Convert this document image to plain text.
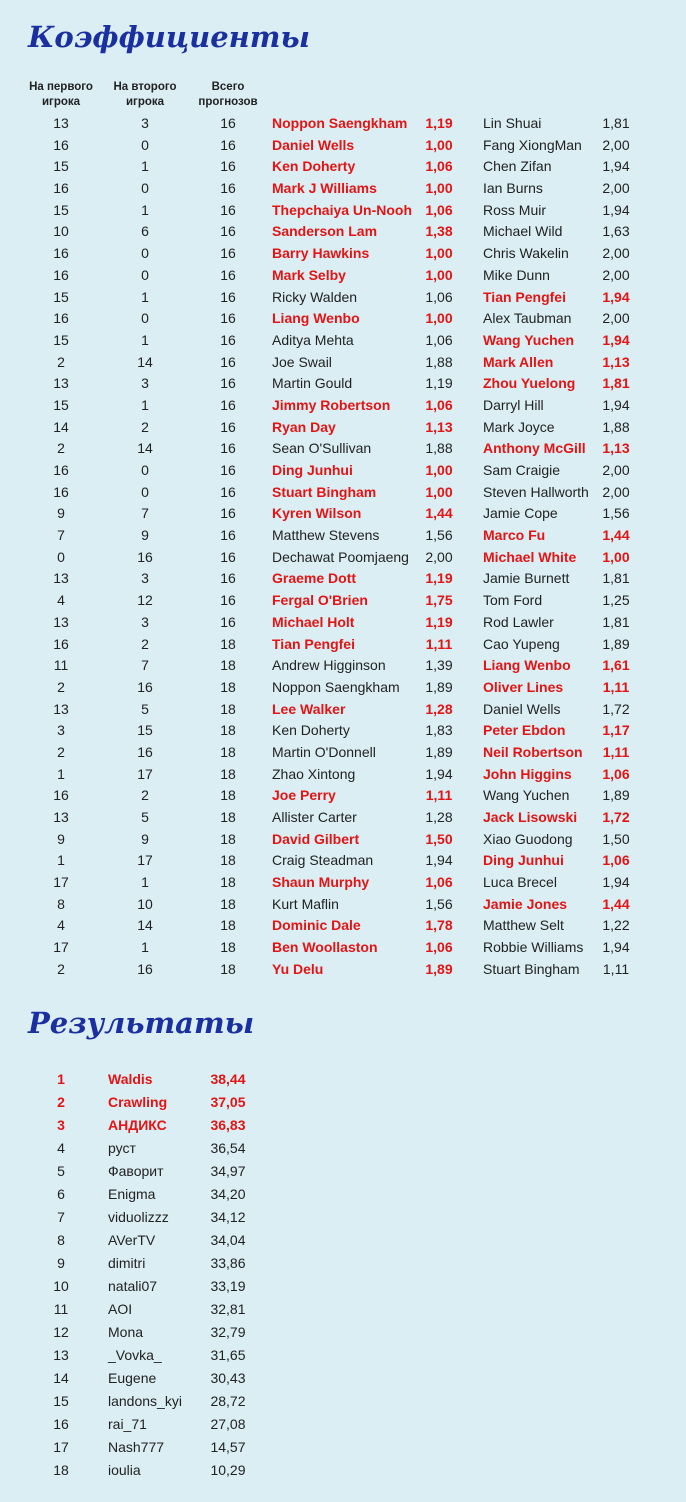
Коэффициенты
На первого игрока
На второго игрока
Всего прогнозов
13	3	16	Noppon Saengkham	1,19	Lin Shuai	1,81
16	0	16	Daniel Wells	1,00	Fang XiongMan	2,00
15	1	16	Ken Doherty	1,06	Chen Zifan	1,94
16	0	16	Mark J Williams	1,00	Ian Burns	2,00
15	1	16	Thepchaiya Un-Nooh 1,06	Ross Muir	1,94
10	6	16	Sanderson Lam	1,38	Michael Wild	1,63
16	0	16	Barry Hawkins	1,00	Chris Wakelin	2,00
16	0	16	Mark Selby	1,00	Mike Dunn	2,00
15	1	16	Ricky Walden	1,06	Tian Pengfei	1,94
16	0	16	Liang Wenbo	1,00	Alex Taubman	2,00
15	1	16	Aditya Mehta	1,06	Wang Yuchen	1,94
2	14	16	Joe Swail	1,88	Mark Allen	1,13
13	3	16	Martin Gould	1,19	Zhou Yuelong	1,81
15	1	16	Jimmy Robertson	1,06	Darryl Hill	1,94
14	2	16	Ryan Day	1,13	Mark Joyce	1,88
2	14	16	Sean O'Sullivan	1,88	Anthony McGill	1,13
16	0	16	Ding Junhui	1,00	Sam Craigie	2,00
16	0	16	Stuart Bingham	1,00	Steven Hallworth 2,00
9	7	16	Kyren Wilson	1,44	Jamie Cope	1,56
7	9	16	Matthew Stevens	1,56	Marco Fu	1,44
0	16	16	Dechawat Poomjaeng	2,00	Michael White	1,00
13	3	16	Graeme Dott	1,19	Jamie Burnett	1,81
4	12	16	Fergal O'Brien	1,75	Tom Ford	1,25
13	3	16	Michael Holt	1,19	Rod Lawler	1,81
16	2	18	Tian Pengfei	1,11	Cao Yupeng	1,89
11	7	18	Andrew Higginson	1,39	Liang Wenbo	1,61
2	16	18	Noppon Saengkham	1,89	Oliver Lines	1,11
13	5	18	Lee Walker	1,28	Daniel Wells	1,72
3	15	18	Ken Doherty	1,83	Peter Ebdon	1,17
2	16	18	Martin O'Donnell	1,89	Neil Robertson	1,11
1	17	18	Zhao Xintong	1,94	John Higgins	1,06
16	2	18	Joe Perry	1,11	Wang Yuchen	1,89
13	5	18	Allister Carter	1,28	Jack Lisowski	1,72
9	9	18	David Gilbert	1,50	Xiao Guodong	1,50
1	17	18	Craig Steadman	1,94	Ding Junhui	1,06
17	1	18	Shaun Murphy	1,06	Luca Brecel	1,94
8	10	18	Kurt Maflin	1,56	Jamie Jones	1,44
4	14	18	Dominic Dale	1,78	Matthew Selt	1,22
17	1	18	Ben Woollaston	1,06	Robbie Williams	1,94
2	16	18	Yu Delu	1,89	Stuart Bingham	1,11
Результаты
1	Waldis	38,44
2	Crawling	37,05
3	АНДИКС	36,83
4	руст	36,54
5	Фаворит	34,97
6	Enigma	34,20
7	viduolizzz	34,12
8	AVerTV	34,04
9	dimitri	33,86
10	natali07	33,19
11	AOI	32,81
12	Mona	32,79
13	_Vovka_	31,65
14	Eugene	30,43
15	landons_kyi	28,72
16	rai_71	27,08
17	Nash777	14,57
18	ioulia	10,29
